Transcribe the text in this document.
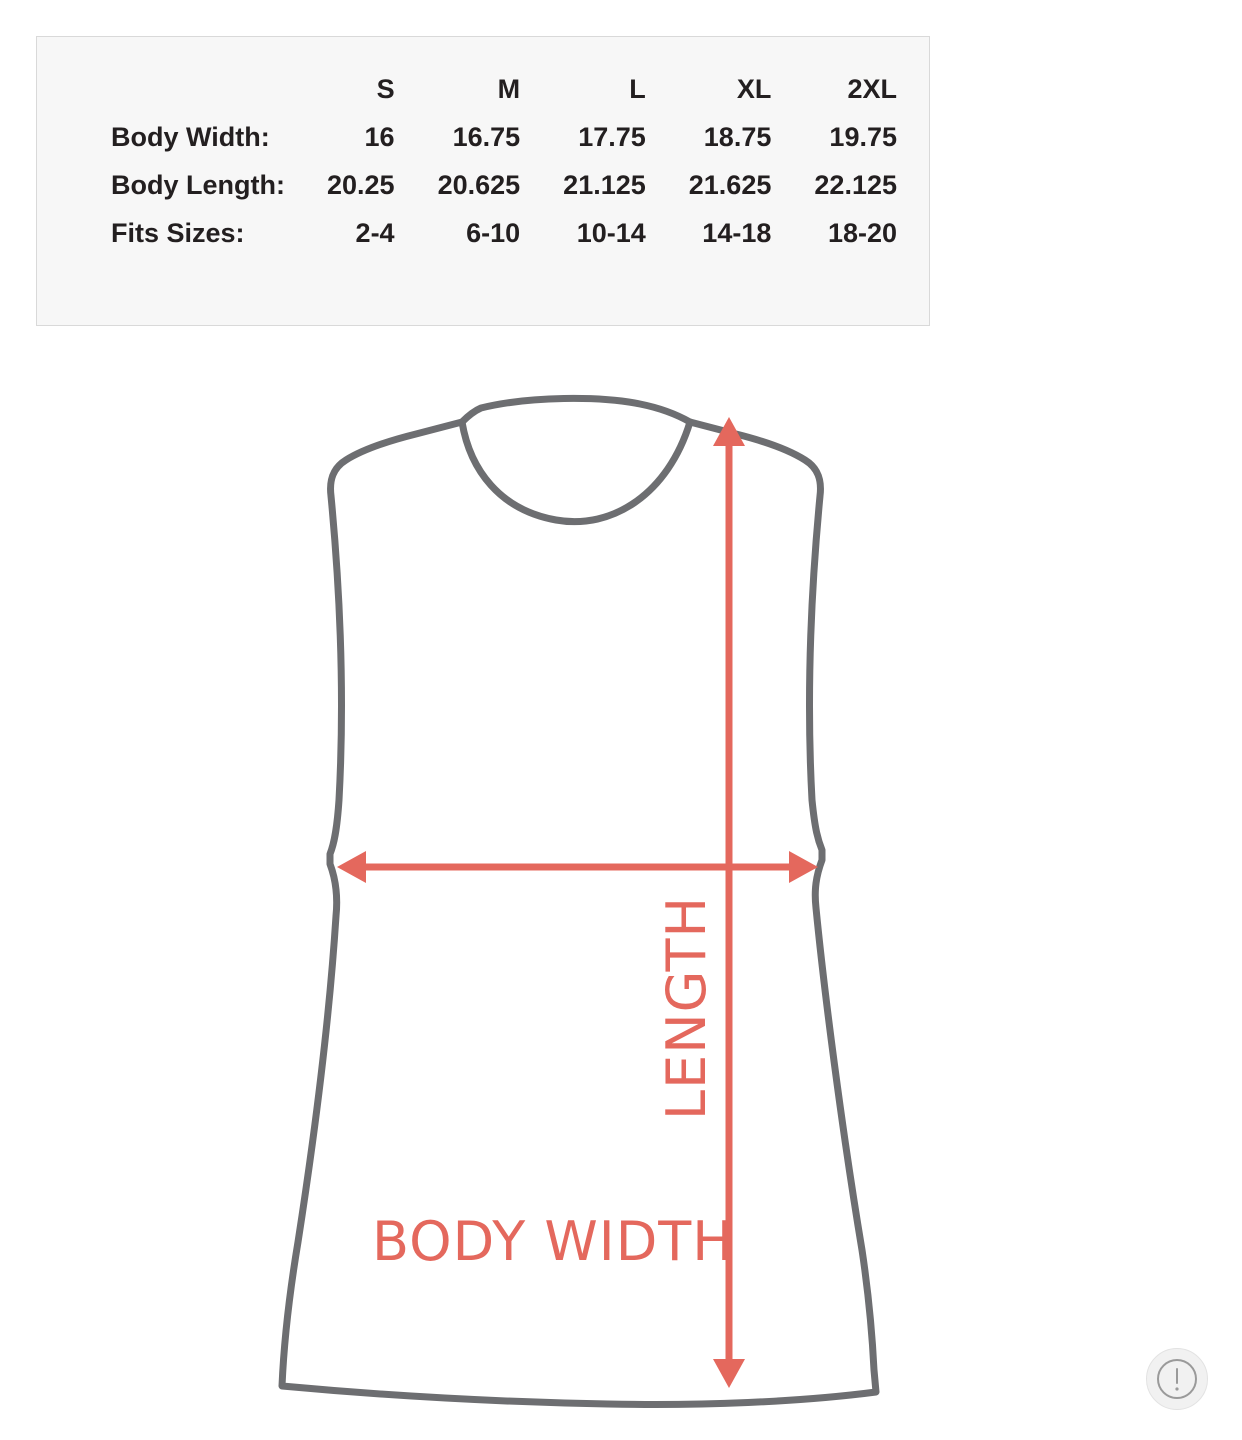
	S	M	L	XL	2XL
Body Width:	16	16.75	17.75	18.75	19.75
Body Length:	20.25	20.625	21.125	21.625	22.125
Fits Sizes:	2-4	6-10	10-14	14-18	18-20
BODY WIDTH
LENGTH
